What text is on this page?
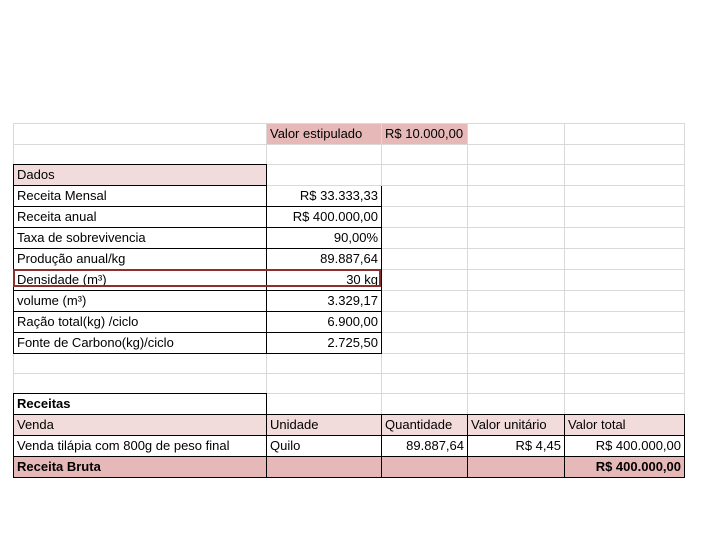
	Valor estipulado	R$ 10.000,00		

Dados				
Receita Mensal	R$ 33.333,33			
Receita anual	R$ 400.000,00			
Taxa de sobrevivencia	90,00%			
Produção anual/kg	89.887,64			
Densidade (m³)	30 kg			
volume (m³)	3.329,17			
Ração total(kg) /ciclo	6.900,00			
Fonte de Carbono(kg)/ciclo	2.725,50			

Receitas				
Venda	Unidade	Quantidade	Valor unitário	Valor total
Venda tilápia com 800g de peso final	Quilo	89.887,64	R$ 4,45	R$ 400.000,00
Receita Bruta				R$ 400.000,00
